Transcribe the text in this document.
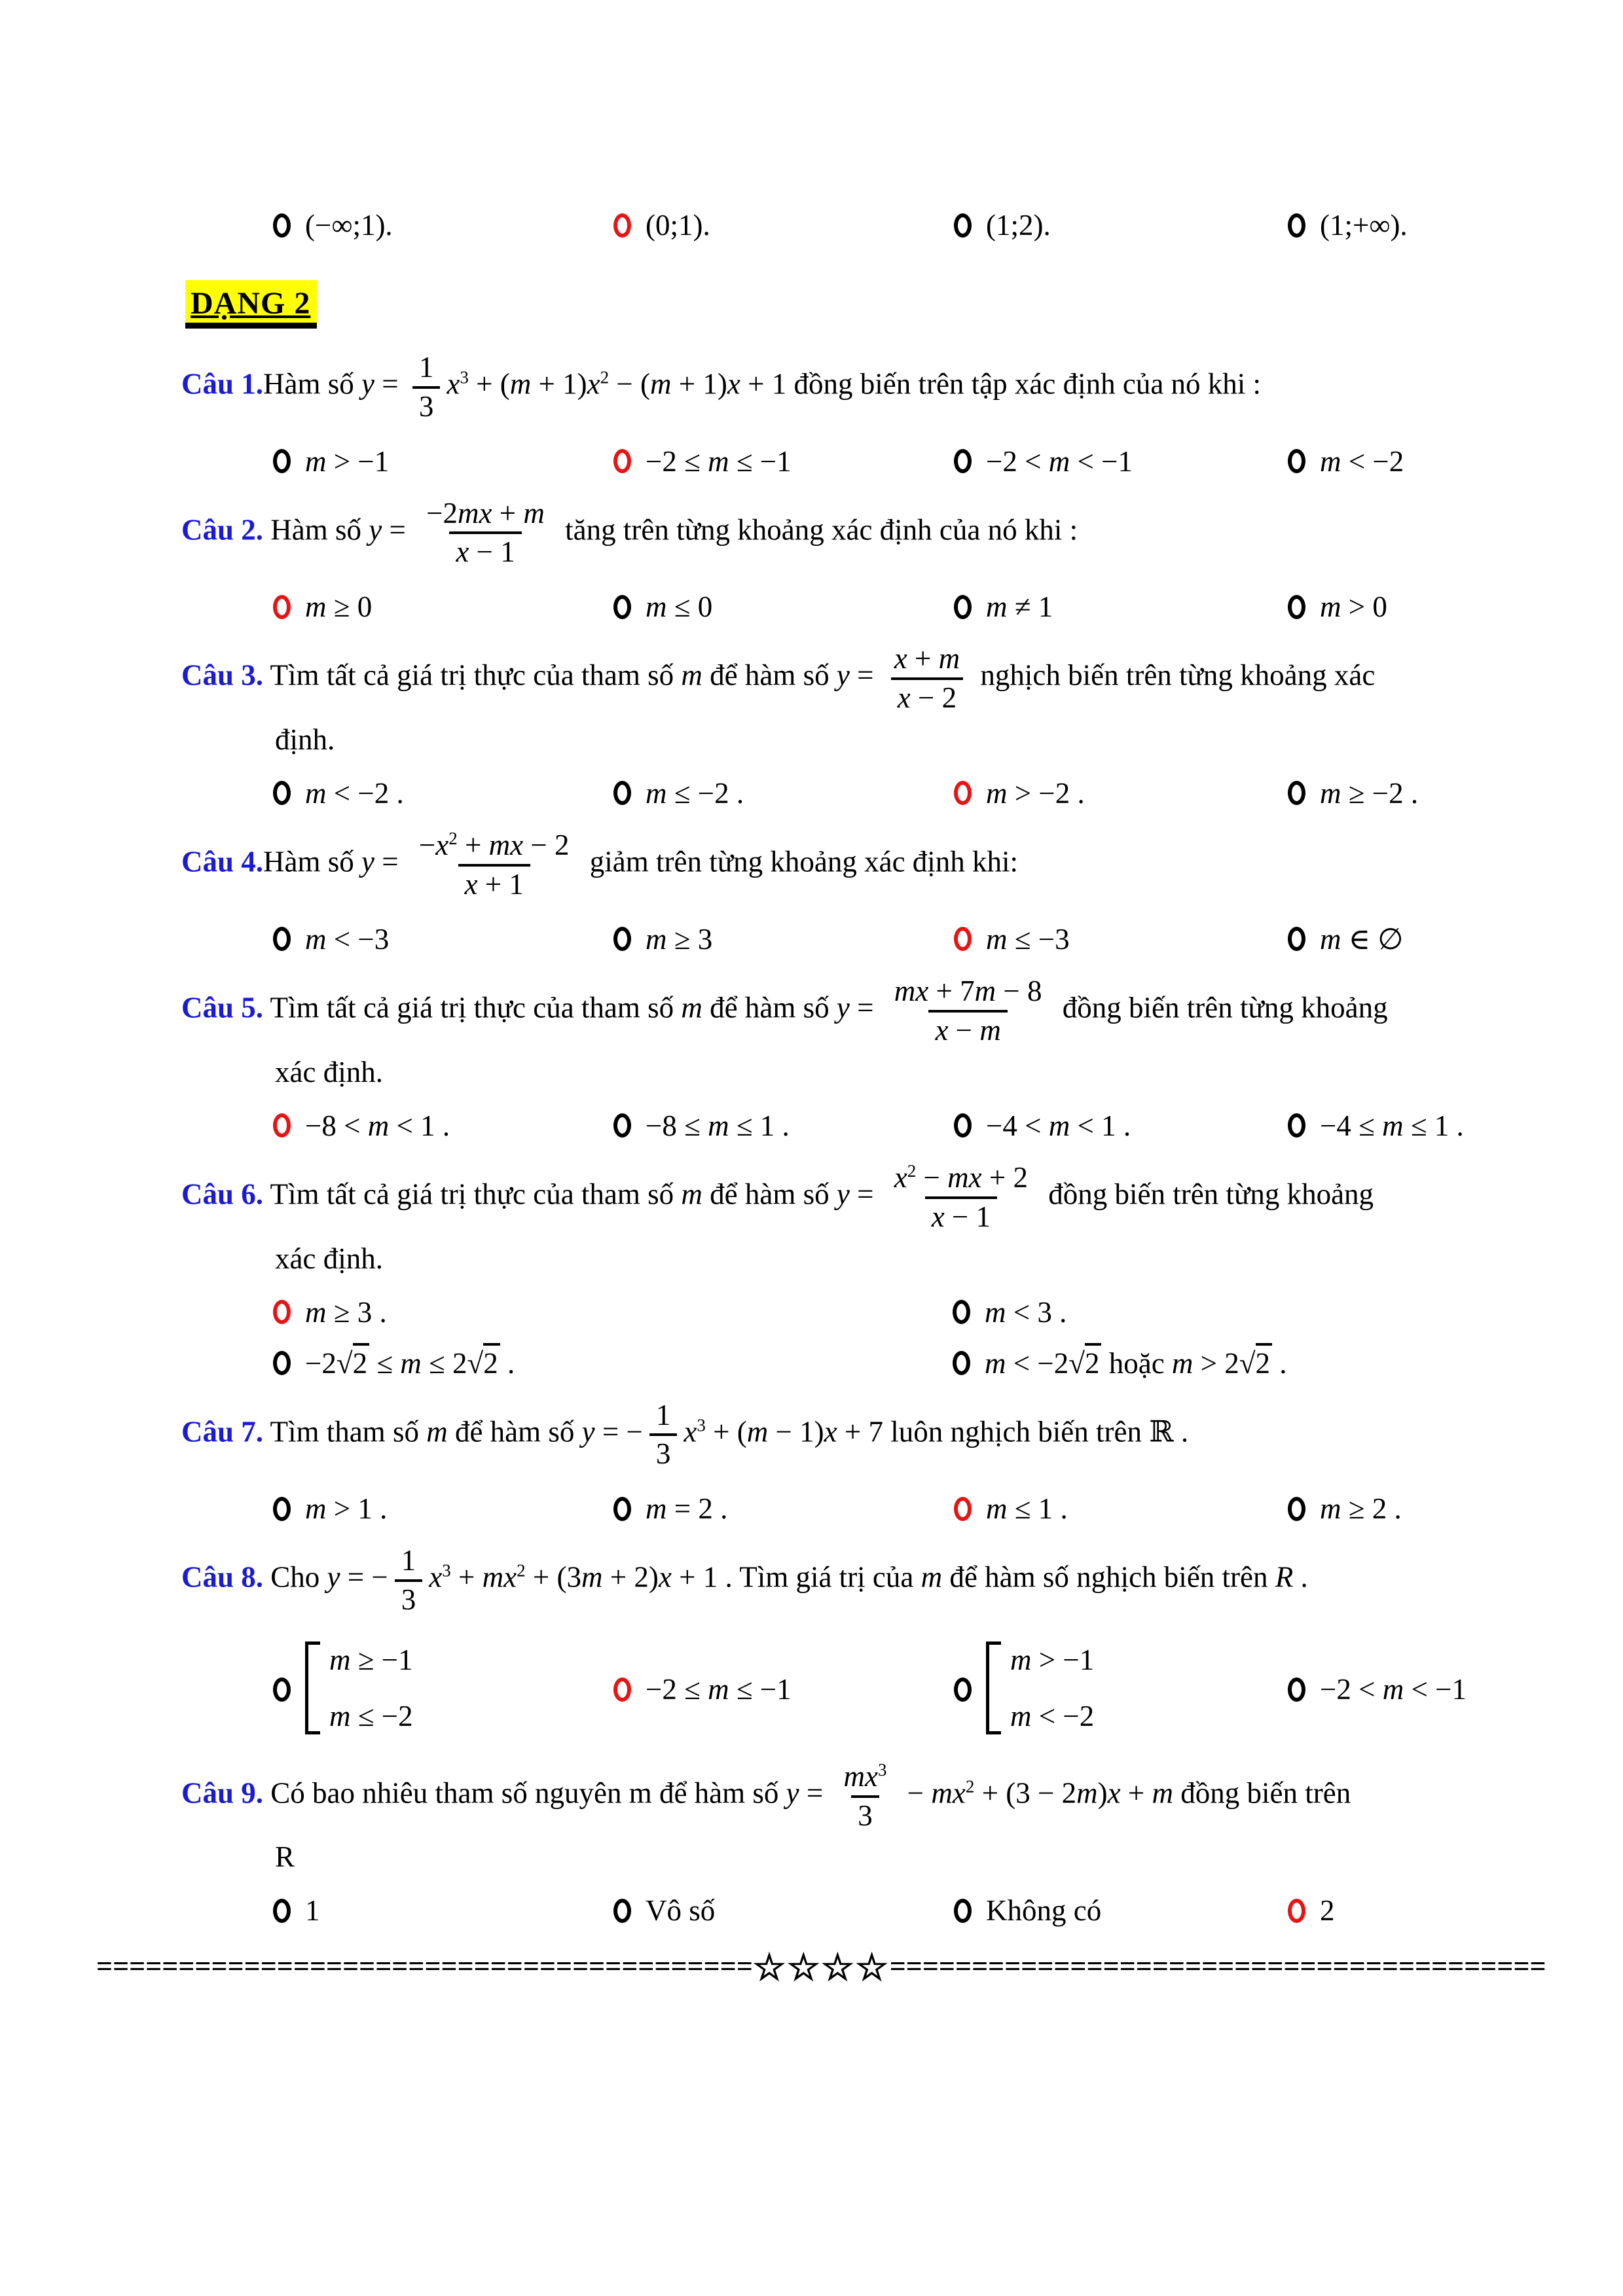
(−∞;1).	(0;1).	(1;2).	(1;+∞).
DẠNG 2

Câu 1.Hàm số $y = \frac{1}{3} x^3 + (m + 1)x^2 - (m + 1)x + 1$ đồng biến trên tập xác định của nó khi :

m > −1	−2 ≤ m ≤ −1	−2 < m < −1	m < −2

Câu 2. Hàm số $y = \frac{-2mx + m}{x - 1}$ tăng trên từng khoảng xác định của nó khi :

m ≥ 0	m ≤ 0	m ≠ 1	m > 0

Câu 3. Tìm tất cả giá trị thực của tham số m để hàm số $y = \frac{x + m}{x - 2}$ nghịch biến trên từng khoảng xác

định.
m < −2 .	m ≤ −2 .	m > −2 .	m ≥ −2 .

Câu 4.Hàm số $y = \frac{-x^2 + mx - 2}{x + 1}$ giảm trên từng khoảng xác định khi:

m < −3	m ≥ 3	m ≤ −3	m ∈ ∅

Câu 5. Tìm tất cả giá trị thực của tham số m để hàm số $y = \frac{mx + 7m - 8}{x - m}$ đồng biến trên từng khoảng

xác định.
−8 < m < 1 .	−8 ≤ m ≤ 1 .	−4 < m < 1 .	−4 ≤ m ≤ 1 .

Câu 6. Tìm tất cả giá trị thực của tham số m để hàm số $y = \frac{x^2 - mx + 2}{x - 1}$ đồng biến trên từng khoảng

xác định.
m ≥ 3 .	m < 3 .
−2√2 ≤ m ≤ 2√2 .	m < −2√2 hoặc m > 2√2 .

Câu 7. Tìm tham số m để hàm số y = − $\frac{1}{3} x^3 + (m - 1)x + 7$ luôn nghịch biến trên ℝ .

m > 1 .	m = 2 .	m ≤ 1 .	m ≥ 2 .

Câu 8. Cho y = − $\frac{1}{3} x^3 + mx^2 + (3m + 2)x + 1$ . Tìm giá trị của m để hàm số nghịch biến trên R .

m ≥ −1
m ≤ −2
−2 ≤ m ≤ −1
m > −1
m < −2
−2 < m < −1

Câu 9. Có bao nhiêu tham số nguyên m để hàm số $y = \frac{mx^3}{3} - mx^2 + (3 - 2m)x + m$ đồng biến trên

R
1	Vô số	Không có	2
========================================☆☆☆☆========================================
